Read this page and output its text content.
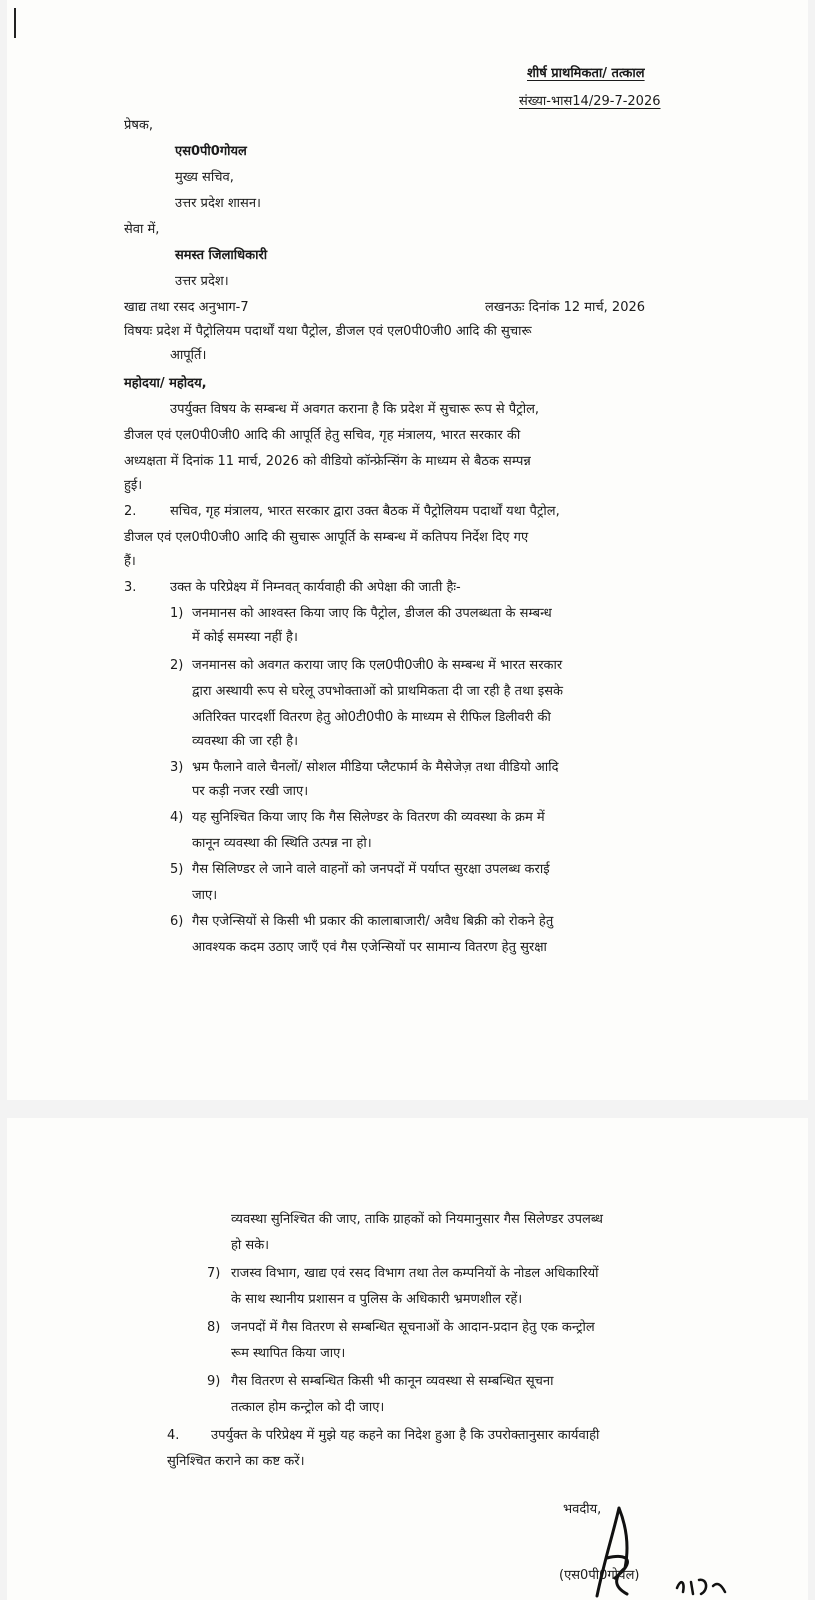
शीर्ष प्राथमिकता/ तत्काल
संख्या-भास14/29-7-2026
प्रेषक,
एस0पी0गोयल
मुख्य सचिव,
उत्तर प्रदेश शासन।
सेवा में,
समस्त जिलाधिकारी
उत्तर प्रदेश।
खाद्य तथा रसद अनुभाग-7	लखनऊः दिनांक 12 मार्च, 2026
विषयः प्रदेश में पैट्रोलियम पदार्थों यथा पैट्रोल, डीजल एवं एल0पी0जी0 आदि की सुचारू
आपूर्ति।
महोदया/ महोदय,
उपर्युक्त विषय के सम्बन्ध में अवगत कराना है कि प्रदेश में सुचारू रूप से पैट्रोल,
डीजल एवं एल0पी0जी0 आदि की आपूर्ति हेतु सचिव, गृह मंत्रालय, भारत सरकार की
अध्यक्षता में दिनांक 11 मार्च, 2026 को वीडियो कॉन्फ्रेन्सिंग के माध्यम से बैठक सम्पन्न
हुई।
2.	सचिव, गृह मंत्रालय, भारत सरकार द्वारा उक्त बैठक में पैट्रोलियम पदार्थों यथा पैट्रोल,
डीजल एवं एल0पी0जी0 आदि की सुचारू आपूर्ति के सम्बन्ध में कतिपय निर्देश दिए गए
हैं।
3.	उक्त के परिप्रेक्ष्य में निम्नवत् कार्यवाही की अपेक्षा की जाती हैः-
1) जनमानस को आश्वस्त किया जाए कि पैट्रोल, डीजल की उपलब्धता के सम्बन्ध
में कोई समस्या नहीं है।
2) जनमानस को अवगत कराया जाए कि एल0पी0जी0 के सम्बन्ध में भारत सरकार
द्वारा अस्थायी रूप से घरेलू उपभोक्ताओं को प्राथमिकता दी जा रही है तथा इसके
अतिरिक्त पारदर्शी वितरण हेतु ओ0टी0पी0 के माध्यम से रीफिल डिलीवरी की
व्यवस्था की जा रही है।
3) भ्रम फैलाने वाले चैनलों/ सोशल मीडिया प्लैटफार्म के मैसेजेज़ तथा वीडियो आदि
पर कड़ी नजर रखी जाए।
4) यह सुनिश्चित किया जाए कि गैस सिलेण्डर के वितरण की व्यवस्था के क्रम में
कानून व्यवस्था की स्थिति उत्पन्न ना हो।
5) गैस सिलिण्डर ले जाने वाले वाहनों को जनपदों में पर्याप्त सुरक्षा उपलब्ध कराई
जाए।
6) गैस एजेन्सियों से किसी भी प्रकार की कालाबाजारी/ अवैध बिक्री को रोकने हेतु
आवश्यक कदम उठाए जाएँ एवं गैस एजेन्सियों पर सामान्य वितरण हेतु सुरक्षा
व्यवस्था सुनिश्चित की जाए, ताकि ग्राहकों को नियमानुसार गैस सिलेण्डर उपलब्ध
हो सके।
7) राजस्व विभाग, खाद्य एवं रसद विभाग तथा तेल कम्पनियों के नोडल अधिकारियों
के साथ स्थानीय प्रशासन व पुलिस के अधिकारी भ्रमणशील रहें।
8) जनपदों में गैस वितरण से सम्बन्धित सूचनाओं के आदान-प्रदान हेतु एक कन्ट्रोल
रूम स्थापित किया जाए।
9) गैस वितरण से सम्बन्धित किसी भी कानून व्यवस्था से सम्बन्धित सूचना
तत्काल होम कन्ट्रोल को दी जाए।
4. उपर्युक्त के परिप्रेक्ष्य में मुझे यह कहने का निदेश हुआ है कि उपरोक्तानुसार कार्यवाही
सुनिश्चित कराने का कष्ट करें।
भवदीय,
(एस0पी0गोयल)
